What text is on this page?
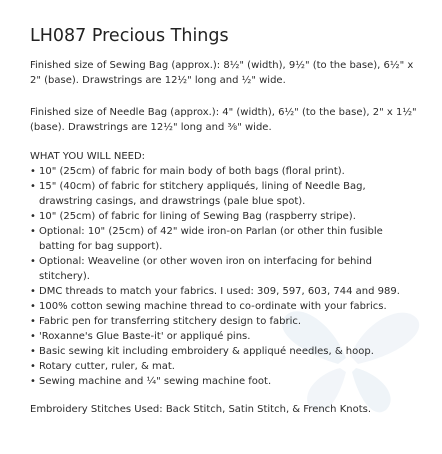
LH087 Precious Things

Finished size of Sewing Bag (approx.): 8½" (width), 9½" (to the base), 6½" x 2" (base). Drawstrings are 12½" long and ½" wide.

Finished size of Needle Bag (approx.): 4" (width), 6½" (to the base), 2" x 1½" (base). Drawstrings are 12½" long and ⅜" wide.

WHAT YOU WILL NEED:
• 10" (25cm) of fabric for main body of both bags (floral print).
• 15" (40cm) of fabric for stitchery appliqués, lining of Needle Bag, drawstring casings, and drawstrings (pale blue spot).
• 10" (25cm) of fabric for lining of Sewing Bag (raspberry stripe).
• Optional: 10" (25cm) of 42" wide iron-on Parlan (or other thin fusible batting for bag support).
• Optional: Weaveline (or other woven iron on interfacing for behind stitchery).
• DMC threads to match your fabrics. I used: 309, 597, 603, 744 and 989.
• 100% cotton sewing machine thread to co-ordinate with your fabrics.
• Fabric pen for transferring stitchery design to fabric.
• 'Roxanne's Glue Baste-it' or appliqué pins.
• Basic sewing kit including embroidery & appliqué needles, & hoop.
• Rotary cutter, ruler, & mat.
• Sewing machine and ¼" sewing machine foot.
Embroidery Stitches Used: Back Stitch, Satin Stitch, & French Knots.
